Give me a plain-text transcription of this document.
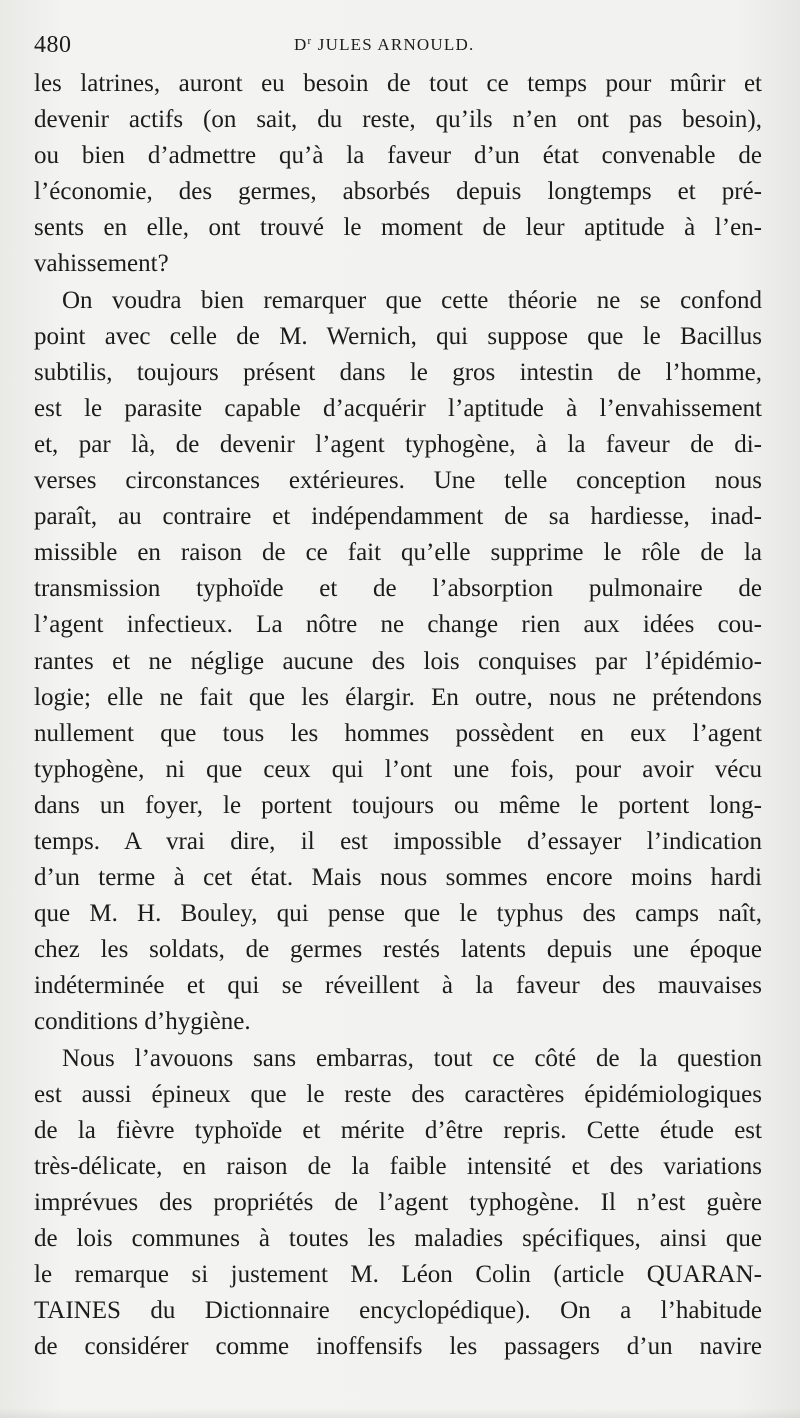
480	$D^r$ JULES ARNOULD.
les latrines, auront eu besoin de tout ce temps pour mûrir et
devenir actifs (on sait, du reste, qu’ils n’en ont pas besoin),
ou bien d’admettre qu’à la faveur d’un état convenable de
l’économie, des germes, absorbés depuis longtemps et pré-
sents en elle, ont trouvé le moment de leur aptitude à l’en-
vahissement?
On voudra bien remarquer que cette théorie ne se confond
point avec celle de M. Wernich, qui suppose que le Bacillus
subtilis, toujours présent dans le gros intestin de l’homme,
est le parasite capable d’acquérir l’aptitude à l’envahissement
et, par là, de devenir l’agent typhogène, à la faveur de di-
verses circonstances extérieures. Une telle conception nous
paraît, au contraire et indépendamment de sa hardiesse, inad-
missible en raison de ce fait qu’elle supprime le rôle de la
transmission typhoïde et de l’absorption pulmonaire de
l’agent infectieux. La nôtre ne change rien aux idées cou-
rantes et ne néglige aucune des lois conquises par l’épidémio-
logie; elle ne fait que les élargir. En outre, nous ne prétendons
nullement que tous les hommes possèdent en eux l’agent
typhogène, ni que ceux qui l’ont une fois, pour avoir vécu
dans un foyer, le portent toujours ou même le portent long-
temps. A vrai dire, il est impossible d’essayer l’indication
d’un terme à cet état. Mais nous sommes encore moins hardi
que M. H. Bouley, qui pense que le typhus des camps naît,
chez les soldats, de germes restés latents depuis une époque
indéterminée et qui se réveillent à la faveur des mauvaises
conditions d’hygiène.
Nous l’avouons sans embarras, tout ce côté de la question
est aussi épineux que le reste des caractères épidémiologiques
de la fièvre typhoïde et mérite d’être repris. Cette étude est
très-délicate, en raison de la faible intensité et des variations
imprévues des propriétés de l’agent typhogène. Il n’est guère
de lois communes à toutes les maladies spécifiques, ainsi que
le remarque si justement M. Léon Colin (article QUARAN-
TAINES du Dictionnaire encyclopédique). On a l’habitude
de considérer comme inoffensifs les passagers d’un navire
